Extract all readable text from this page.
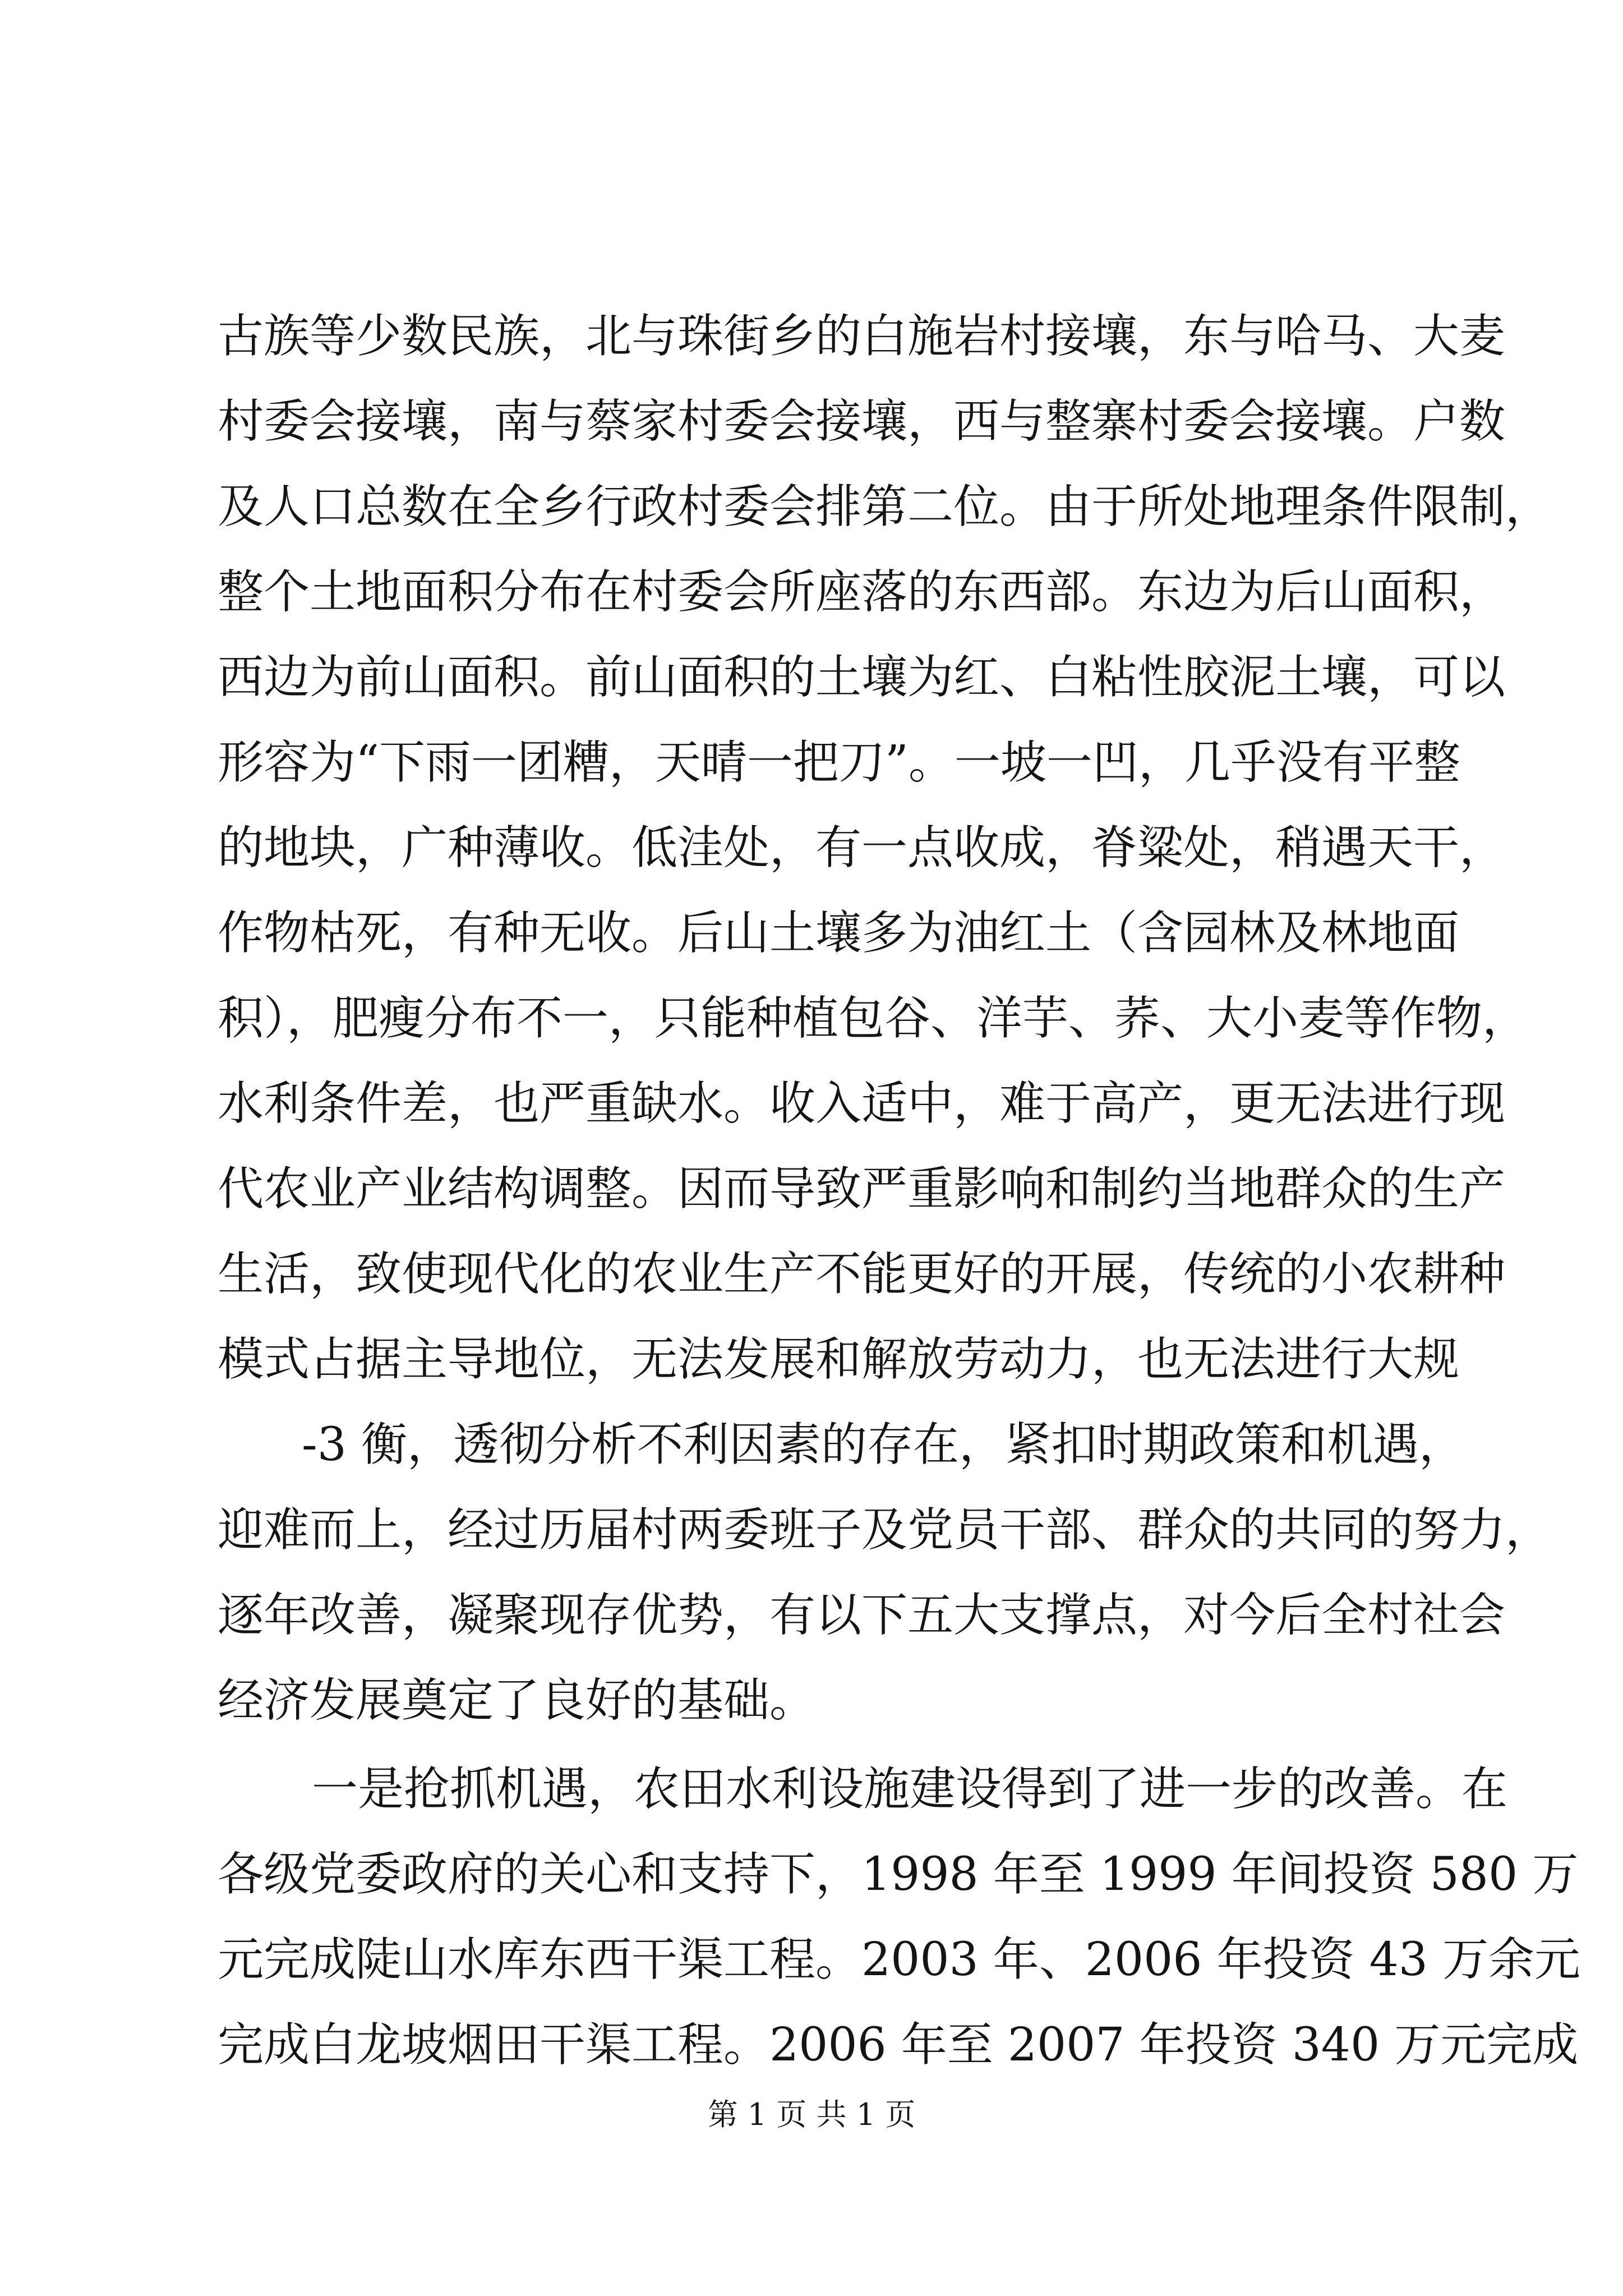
古族等少数民族，北与珠街乡的白施岩村接壤，东与哈马、大麦
村委会接壤，南与蔡家村委会接壤，西与整寨村委会接壤。户数
及人口总数在全乡行政村委会排第二位。由于所处地理条件限制，
整个土地面积分布在村委会所座落的东西部。东边为后山面积，
西边为前山面积。前山面积的土壤为红、白粘性胶泥土壤，可以
形容为“下雨一团糟，天晴一把刀”。一坡一凹，几乎没有平整
的地块，广种薄收。低洼处，有一点收成，脊粱处，稍遇天干，
作物枯死，有种无收。后山土壤多为油红土（含园林及林地面
积），肥瘦分布不一，只能种植包谷、洋芋、荞、大小麦等作物，
水利条件差，也严重缺水。收入适中，难于高产，更无法进行现
代农业产业结构调整。因而导致严重影响和制约当地群众的生产
生活，致使现代化的农业生产不能更好的开展，传统的小农耕种
模式占据主导地位，无法发展和解放劳动力，也无法进行大规
-3 衡，透彻分析不利因素的存在，紧扣时期政策和机遇，
迎难而上，经过历届村两委班子及党员干部、群众的共同的努力，
逐年改善，凝聚现存优势，有以下五大支撑点，对今后全村社会
经济发展奠定了良好的基础。
一是抢抓机遇，农田水利设施建设得到了进一步的改善。在
各级党委政府的关心和支持下，1998 年至 1999 年间投资 580 万
元完成陡山水库东西干渠工程。2003 年、2006 年投资 43 万余元
完成白龙坡烟田干渠工程。2006 年至 2007 年投资 340 万元完成
第 1 页 共 1 页
